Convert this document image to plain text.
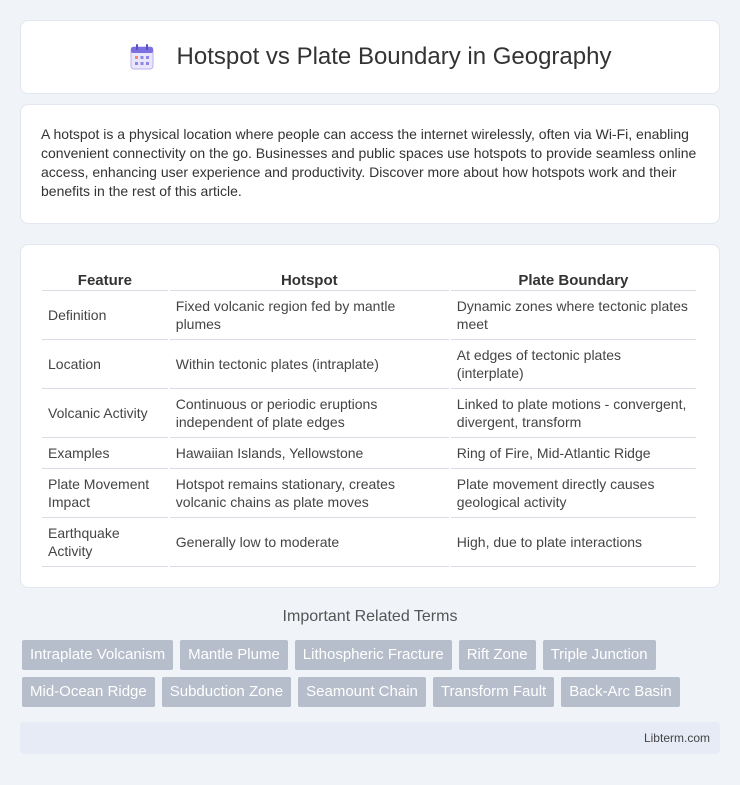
Hotspot vs Plate Boundary in Geography

A hotspot is a physical location where people can access the internet wirelessly, often via Wi-Fi, enabling convenient connectivity on the go. Businesses and public spaces use hotspots to provide seamless online access, enhancing user experience and productivity. Discover more about how hotspots work and their benefits in the rest of this article.

Feature	Hotspot	Plate Boundary
Definition	Fixed volcanic region fed by mantle plumes	Dynamic zones where tectonic plates meet
Location	Within tectonic plates (intraplate)	At edges of tectonic plates (interplate)
Volcanic Activity	Continuous or periodic eruptions independent of plate edges	Linked to plate motions - convergent, divergent, transform
Examples	Hawaiian Islands, Yellowstone	Ring of Fire, Mid-Atlantic Ridge
Plate Movement Impact	Hotspot remains stationary, creates volcanic chains as plate moves	Plate movement directly causes geological activity
Earthquake Activity	Generally low to moderate	High, due to plate interactions
Important Related Terms
Intraplate Volcanism	Mantle Plume	Lithospheric Fracture	Rift Zone	Triple Junction
Mid-Ocean Ridge	Subduction Zone	Seamount Chain	Transform Fault	Back-Arc Basin
Libterm.com
